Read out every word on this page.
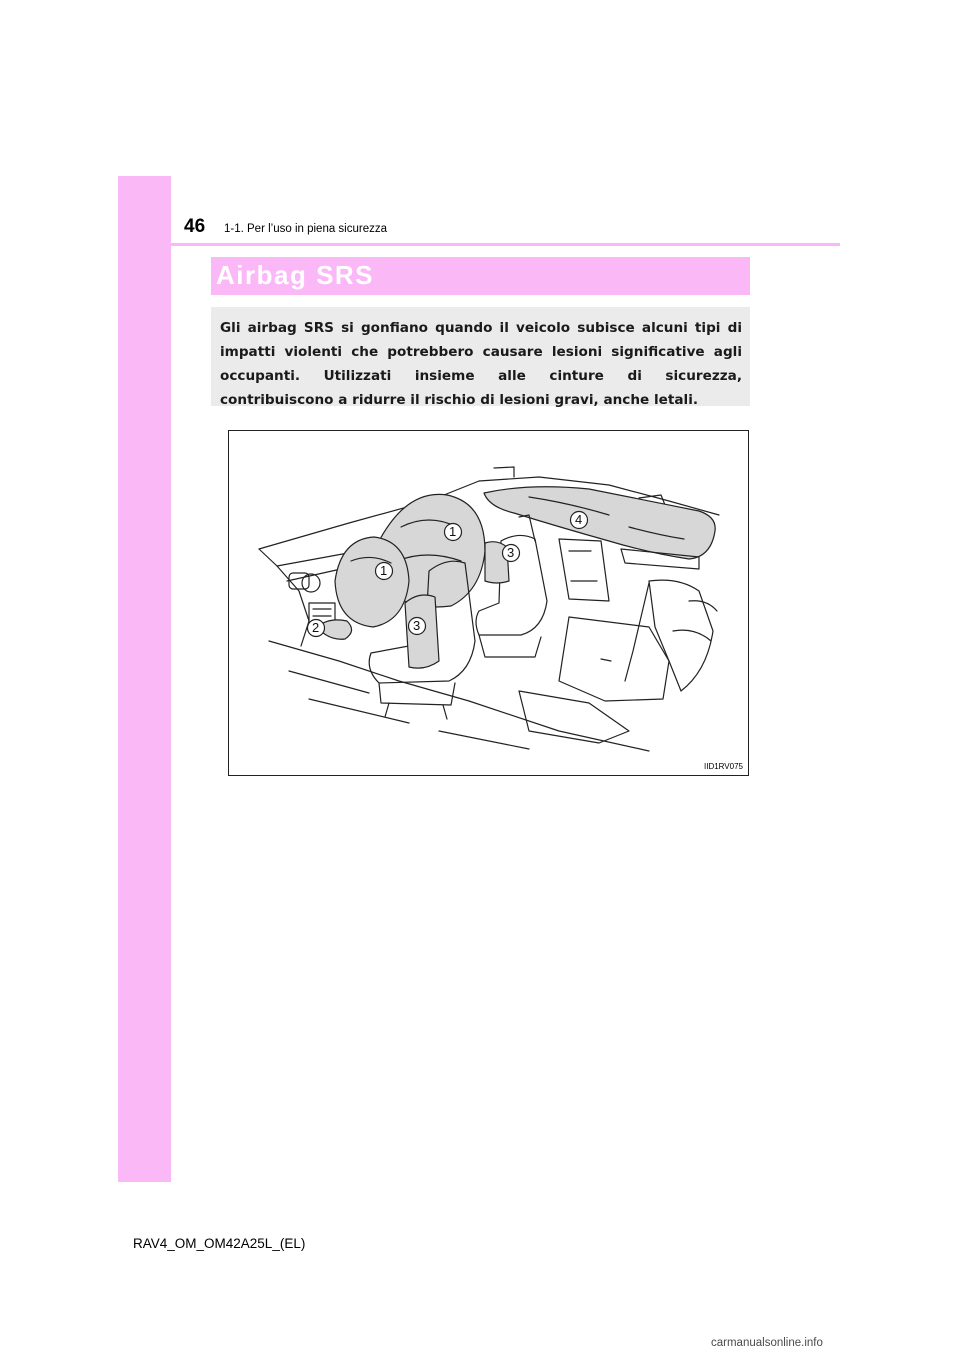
46 1-1. Per l’uso in piena sicurezza
Airbag SRS

Gli airbag SRS si gonfiano quando il veicolo subisce alcuni tipi di impatti violenti che potrebbero causare lesioni significative agli occupanti. Utilizzati insieme alle cinture di sicurezza, contribuiscono a ridurre il rischio di lesioni gravi, anche letali.

1
1
2	3
3
4
IID1RV075
RAV4_OM_OM42A25L_(EL)
carmanualsonline.info
